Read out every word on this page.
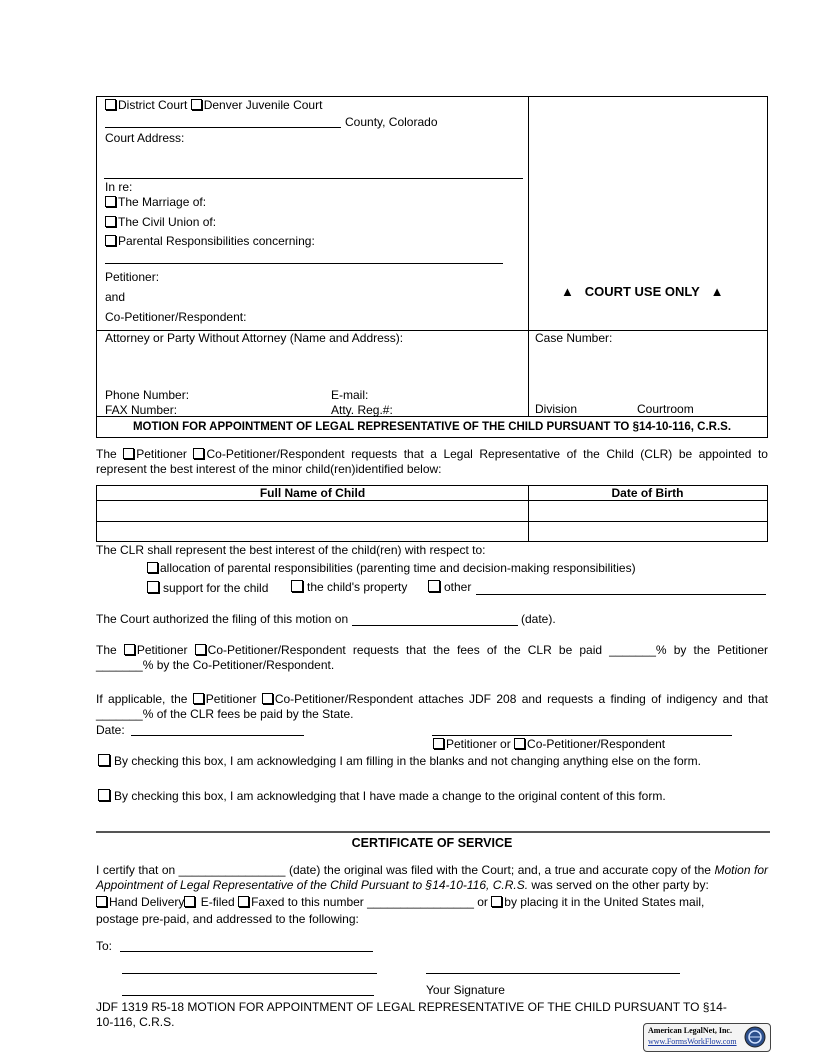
District Court Denver Juvenile Court
County, Colorado
Court Address:
In re:
The Marriage of:
The Civil Union of:
Parental Responsibilities concerning:
Petitioner:
and
Co-Petitioner/Respondent:
▲ COURT USE ONLY ▲
Attorney or Party Without Attorney (Name and Address):
Phone Number:	E-mail:
FAX Number:	Atty. Reg.#:
Case Number:
Division	Courtroom
MOTION FOR APPOINTMENT OF LEGAL REPRESENTATIVE OF THE CHILD PURSUANT TO §14-10-116, C.R.S.
The Petitioner Co-Petitioner/Respondent requests that a Legal Representative of the Child (CLR) be appointed to represent the best interest of the minor child(ren)identified below:
Full Name of Child	Date of Birth
The CLR shall represent the best interest of the child(ren) with respect to:
allocation of parental responsibilities (parenting time and decision-making responsibilities)
support for the child	the child's property	other
The Court authorized the filing of this motion on	(date).
The Petitioner Co-Petitioner/Respondent requests that the fees of the CLR be paid _______% by the Petitioner _______% by the Co-Petitioner/Respondent.
If applicable, the Petitioner Co-Petitioner/Respondent attaches JDF 208 and requests a finding of indigency and that _______% of the CLR fees be paid by the State.
Date:
Petitioner or Co-Petitioner/Respondent
By checking this box, I am acknowledging I am filling in the blanks and not changing anything else on the form.
By checking this box, I am acknowledging that I have made a change to the original content of this form.
CERTIFICATE OF SERVICE
I certify that on ________________ (date) the original was filed with the Court; and, a true and accurate copy of the Motion for Appointment of Legal Representative of the Child Pursuant to §14-10-116, C.R.S. was served on the other party by:
Hand Delivery E-filed Faxed to this number ________________ or by placing it in the United States mail,
postage pre-paid, and addressed to the following:
To:
Your Signature
JDF 1319 R5-18 MOTION FOR APPOINTMENT OF LEGAL REPRESENTATIVE OF THE CHILD PURSUANT TO §14-
10-116, C.R.S.
American LegalNet, Inc.
www.FormsWorkFlow.com
